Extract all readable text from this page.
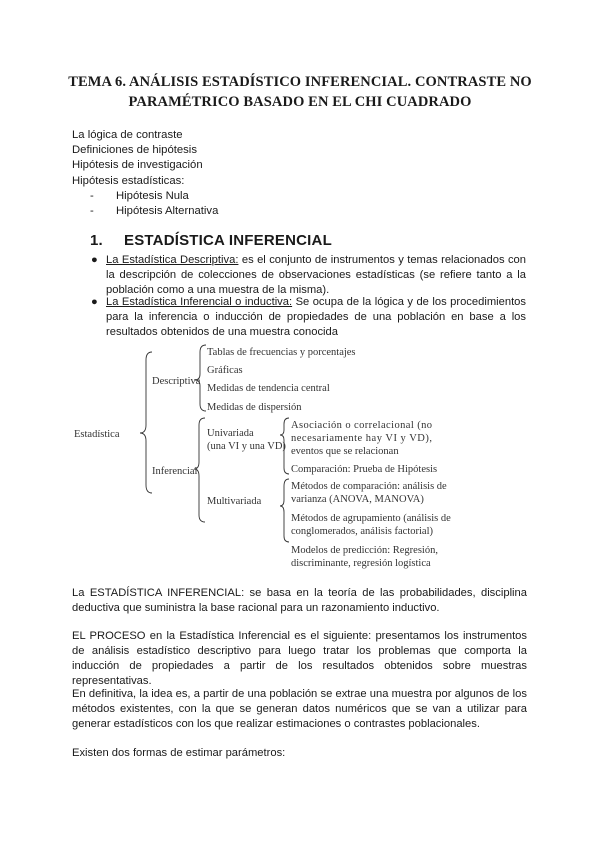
TEMA 6. ANÁLISIS ESTADÍSTICO INFERENCIAL. CONTRASTE NO
PARAMÉTRICO BASADO EN EL CHI CUADRADO
La lógica de contraste
Definiciones de hipótesis
Hipótesis de investigación
Hipótesis estadísticas:
- Hipótesis Nula
- Hipótesis Alternativa
1. ESTADÍSTICA INFERENCIAL
● La Estadística Descriptiva: es el conjunto de instrumentos y temas relacionados con la descripción de colecciones de observaciones estadísticas (se refiere tanto a la población como a una muestra de la misma).
● La Estadística Inferencial o inductiva: Se ocupa de la lógica y de los procedimientos para la inferencia o inducción de propiedades de una población en base a los resultados obtenidos de una muestra conocida
Estadística
Descriptiva
Tablas de frecuencias y porcentajes
Gráficas
Medidas de tendencia central
Medidas de dispersión
Inferencial
Univariada
(una VI y una VD)
Multivariada
Asociación o correlacional (no
necesariamente hay VI y VD),
eventos que se relacionan
Comparación: Prueba de Hipótesis
Métodos de comparación: análisis de
varianza (ANOVA, MANOVA)
Métodos de agrupamiento (análisis de
conglomerados, análisis factorial)
Modelos de predicción: Regresión,
discriminante, regresión logística
La ESTADÍSTICA INFERENCIAL: se basa en la teoría de las probabilidades, disciplina deductiva que suministra la base racional para un razonamiento inductivo.
EL PROCESO en la Estadística Inferencial es el siguiente: presentamos los instrumentos de análisis estadístico descriptivo para luego tratar los problemas que comporta la inducción de propiedades a partir de los resultados obtenidos sobre muestras representativas.
En definitiva, la idea es, a partir de una población se extrae una muestra por algunos de los métodos existentes, con la que se generan datos numéricos que se van a utilizar para generar estadísticos con los que realizar estimaciones o contrastes poblacionales.
Existen dos formas de estimar parámetros:
